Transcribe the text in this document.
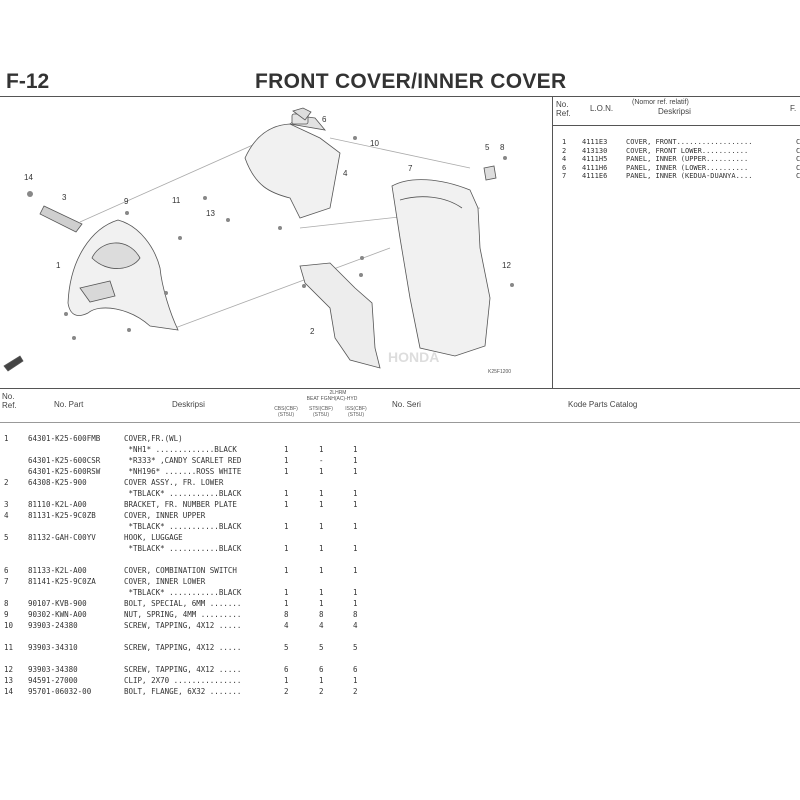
F-12	FRONT COVER/INNER COVER
1
2
3
4
5
6
7
8
9
10
11
12
13
14
K25F1200
HONDA
No.
Ref.
L.O.N.
(Nomor ref. relatif)
Deskripsi	F.
1 4111E3	COVER, FRONT..................	C
2 413130	COVER, FRONT LOWER...........	C
4 4111H5	PANEL, INNER (UPPER..........	C
6 4111H6	PANEL, INNER (LOWER..........	C
7 4111E6	PANEL, INNER (KEDUA-DUANYA....	C
No.
Ref.	No. Part	Deskripsi
2LHRM
BEAT FGNH(AC)-HYD
CBS(CBF)
(ST5U)
ST5I(CBF)
(ST5U)
ISS(CBF)
(ST5U)
No. Seri	Kode Parts Catalog
1	64301-K25-600FMB	COVER,FR.(WL)
*NH1* .............BLACK	1	1	1
64301-K25-600CSR	*R333* ,CANDY SCARLET RED	1	-	1
64301-K25-600RSW	*NH196* .......ROSS WHITE	1	1	1
2	64308-K25-900	COVER ASSY., FR. LOWER
*TBLACK* ...........BLACK	1	1	1
3	81110-K2L-A00	BRACKET, FR. NUMBER PLATE	1	1	1
4	81131-K25-9C0ZB	COVER, INNER UPPER
*TBLACK* ...........BLACK	1	1	1
5	81132-GAH-C00YV	HOOK, LUGGAGE
*TBLACK* ...........BLACK	1	1	1
6	81133-K2L-A00	COVER, COMBINATION SWITCH	1	1	1
7	81141-K25-9C0ZA	COVER, INNER LOWER
*TBLACK* ...........BLACK	1	1	1
8	90107-KVB-900	BOLT, SPECIAL, 6MM .......	1	1	1
9	90302-KWN-A00	NUT, SPRING, 4MM .........	8	8	8
10 93903-24380	SCREW, TAPPING, 4X12 .....	4	4	4
11 93903-34310	SCREW, TAPPING, 4X12 .....	5	5	5
12 93903-34380	SCREW, TAPPING, 4X12 .....	6	6	6
13 94591-27000	CLIP, 2X70 ...............	1	1	1
14 95701-06032-00	BOLT, FLANGE, 6X32 .......	2	2	2
